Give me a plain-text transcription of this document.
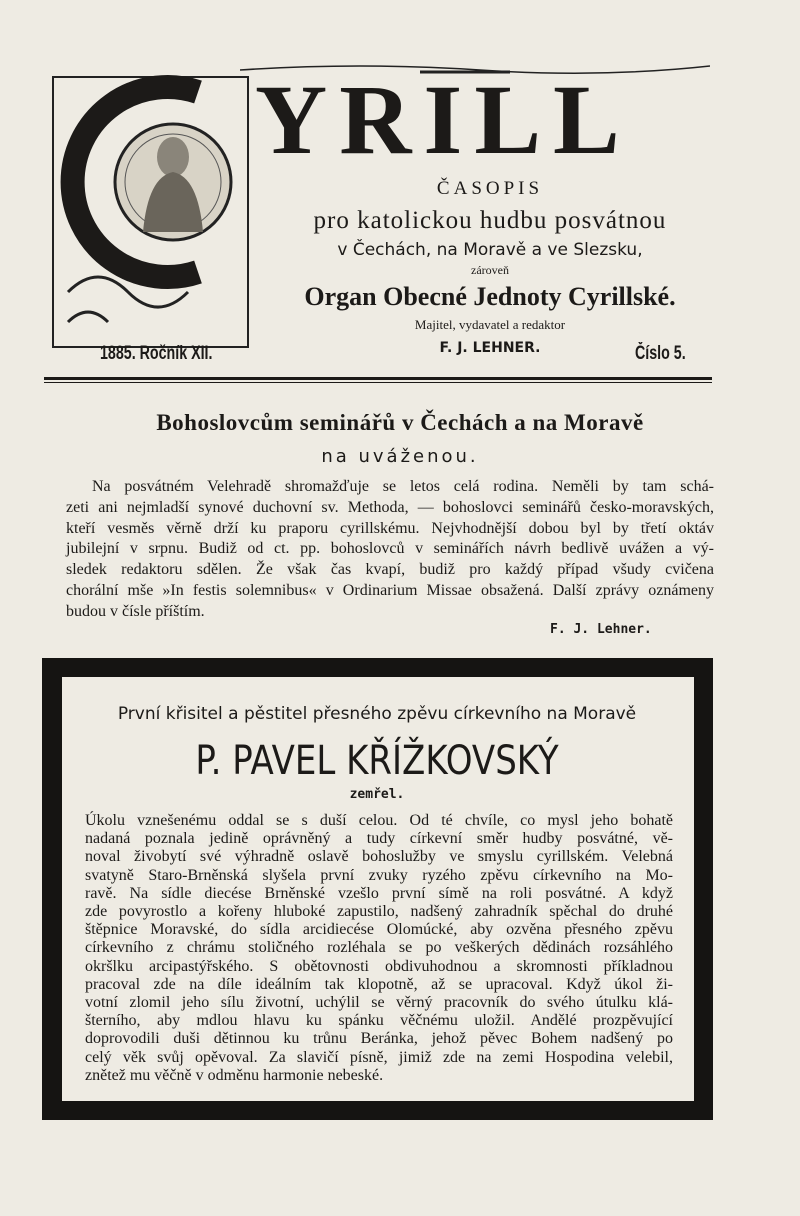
YRILL
ČASOPIS
pro katolickou hudbu posvátnou
v Čechách, na Moravě a ve Slezsku,
zároveň
Organ Obecné Jednoty Cyrillské.
Majitel, vydavatel a redaktor
F. J. LEHNER.
1885. Ročník XII.	Číslo 5.
Bohoslovcům seminářů v Čechách a na Moravě
na uváženou.
Na posvátném Velehradě shromažďuje se letos celá rodina. Neměli by tam schá-
zeti ani nejmladší synové duchovní sv. Methoda, — bohoslovci seminářů česko-moravských,
kteří vesměs věrně drží ku praporu cyrillskému. Nejvhodnější dobou byl by třetí oktáv
jubilejní v srpnu. Budiž od ct. pp. bohoslovců v seminářích návrh bedlivě uvážen a vý-
sledek redaktoru sdělen. Že však čas kvapí, budiž pro každý případ všudy cvičena
chorální mše »In festis solemnibus« v Ordinarium Missae obsažená. Další zprávy oznámeny
budou v čísle příštím.
F. J. Lehner.
První křisitel a pěstitel přesného zpěvu církevního na Moravě
P. PAVEL KŘÍŽKOVSKÝ
zemřel.
Úkolu vznešenému oddal se s duší celou. Od té chvíle, co mysl jeho bohatě
nadaná poznala jedině oprávněný a tudy církevní směr hudby posvátné, vě-
noval živobytí své výhradně oslavě bohoslužby ve smyslu cyrillském. Velebná
svatyně Staro-Brněnská slyšela první zvuky ryzého zpěvu církevního na Mo-
ravě. Na sídle diecése Brněnské vzešlo první símě na roli posvátné. A když
zde povyrostlo a kořeny hluboké zapustilo, nadšený zahradník spěchal do druhé
štěpnice Moravské, do sídla arcidiecése Olomúcké, aby ozvěna přesného zpěvu
církevního z chrámu stoličného rozléhala se po veškerých dědinách rozsáhlého
okršlku arcipastýřského. S obětovnosti obdivuhodnou a skromnosti příkladnou
pracoval zde na díle ideálním tak klopotně, až se upracoval. Když úkol ži-
votní zlomil jeho sílu životní, uchýlil se věrný pracovník do svého útulku klá-
šterního, aby mdlou hlavu ku spánku věčnému uložil. Andělé prozpěvující
doprovodili duši dětinnou ku trůnu Beránka, jehož pěvec Bohem nadšený po
celý věk svůj opěvoval. Za slavičí písně, jimiž zde na zemi Hospodina velebil,
znětež mu věčně v odměnu harmonie nebeské.
